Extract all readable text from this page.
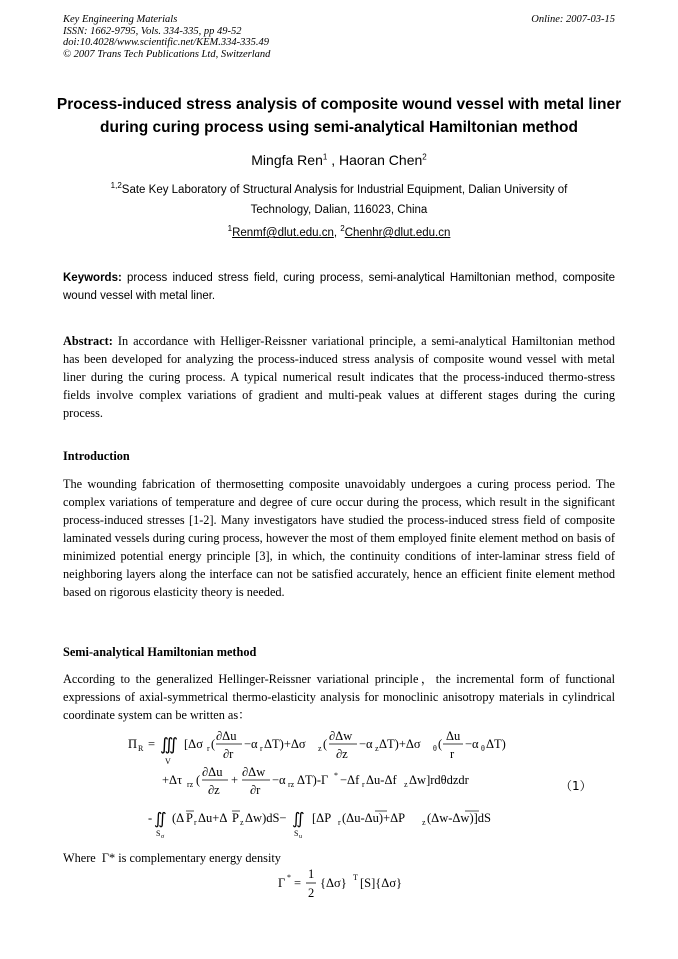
Key Engineering Materials
ISSN: 1662-9795, Vols. 334-335, pp 49-52
doi:10.4028/www.scientific.net/KEM.334-335.49
© 2007 Trans Tech Publications Ltd, Switzerland
Online: 2007-03-15
Process-induced stress analysis of composite wound vessel with metal liner during curing process using semi-analytical Hamiltonian method
Mingfa Ren$^1$ , Haoran Chen$^2$
$^{1,2}$Sate Key Laboratory of Structural Analysis for Industrial Equipment, Dalian University of Technology, Dalian, 116023, China
$^1$Renmf@dlut.edu.cn, $^2$Chenhr@dlut.edu.cn
Keywords: process induced stress field, curing process, semi-analytical Hamiltonian method, composite wound vessel with metal liner.
Abstract: In accordance with Helliger-Reissner variational principle, a semi-analytical Hamiltonian method has been developed for analyzing the process-induced stress analysis of composite wound vessel with metal liner during the curing process. A typical numerical result indicates that the process-induced thermo-stress fields involve complex variations of gradient and multi-peak values at different stages during the curing process.
Introduction
The wounding fabrication of thermosetting composite unavoidably undergoes a curing process period. The complex variations of temperature and degree of cure occur during the process, which result in the significant process-induced stresses [1-2]. Many investigators have studied the process-induced stress field of composite laminated vessels during curing process, however the most of them employed finite element method on basis of minimized potential energy principle [3], in which, the continuity conditions of inter-laminar stress field of neighboring layers along the interface can not be satisfied accurately, hence an efficient finite element method based on rigorous elasticity theory is needed.
Semi-analytical Hamiltonian method
According to the generalized Hellinger-Reissner variational principle，the incremental form of functional expressions of axial-symmetrical thermo-elasticity analysis for monoclinic anisotropy materials in cylindrical coordinate system can be written as：
Π R = ∭
V
[Δσ r (
∂Δu
∂r
−α r ΔT)+Δσ z (
∂Δw
∂z
−α z ΔT)+Δσ θ (
Δu
r
−α θ ΔT)
+Δτ rz (
∂Δu
∂z
+
∂Δw
∂r
−α rz ΔT)-Γ * −Δf r Δu-Δf z Δw]rdθdzdr
- ∬
S σ
(Δ P r Δu+Δ P z Δw)dS− ∬
S u
[ΔP r (Δu-Δu)+ΔP z (Δw-Δw)]dS
（1）
Where  Γ* is complementary energy density
Γ * =
1
2
{Δσ} T [S]{Δσ}
